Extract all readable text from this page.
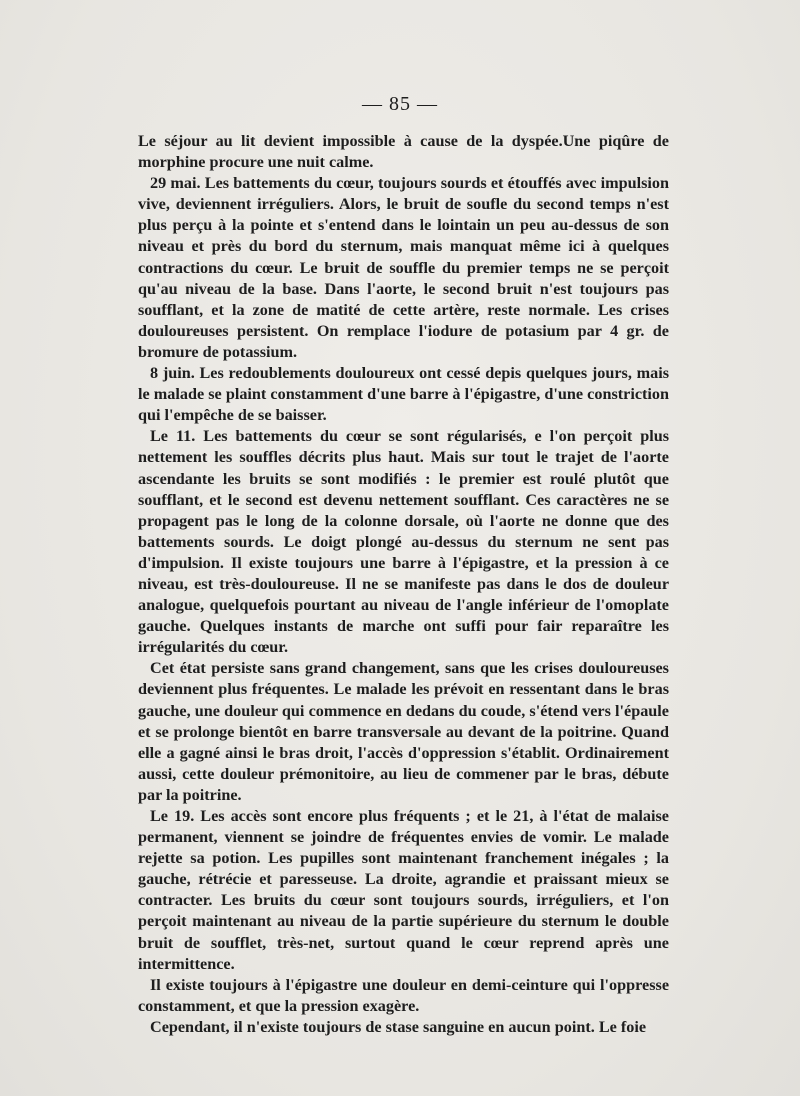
— 85 —

Le séjour au lit devient impossible à cause de la dyspée.Une piqûre de morphine procure une nuit calme.

29 mai. Les battements du cœur, toujours sourds et étouffés avec impulsion vive, deviennent irréguliers. Alors, le bruit de soufle du second temps n'est plus perçu à la pointe et s'entend dans le lointain un peu au-dessus de son niveau et près du bord du sternum, mais manquat même ici à quelques contractions du cœur. Le bruit de souffle du premier temps ne se perçoit qu'au niveau de la base. Dans l'aorte, le second bruit n'est toujours pas soufflant, et la zone de matité de cette artère, reste normale. Les crises douloureuses persistent. On remplace l'iodure de potasium par 4 gr. de bromure de potassium.

8 juin. Les redoublements douloureux ont cessé depis quelques jours, mais le malade se plaint constamment d'une barre à l'épigastre, d'une constriction qui l'empêche de se baisser.

Le 11. Les battements du cœur se sont régularisés, e l'on perçoit plus nettement les souffles décrits plus haut. Mais sur tout le trajet de l'aorte ascendante les bruits se sont modifiés : le premier est roulé plutôt que soufflant, et le second est devenu nettement soufflant. Ces caractères ne se propagent pas le long de la colonne dorsale, où l'aorte ne donne que des battements sourds. Le doigt plongé au-dessus du sternum ne sent pas d'impulsion. Il existe toujours une barre à l'épigastre, et la pression à ce niveau, est très-douloureuse. Il ne se manifeste pas dans le dos de douleur analogue, quelquefois pourtant au niveau de l'angle inférieur de l'omoplate gauche. Quelques instants de marche ont suffi pour fair reparaître les irrégularités du cœur.

Cet état persiste sans grand changement, sans que les crises douloureuses deviennent plus fréquentes. Le malade les prévoit en ressentant dans le bras gauche, une douleur qui commence en dedans du coude, s'étend vers l'épaule et se prolonge bientôt en barre transversale au devant de la poitrine. Quand elle a gagné ainsi le bras droit, l'accès d'oppression s'établit. Ordinairement aussi, cette douleur prémonitoire, au lieu de commener par le bras, débute par la poitrine.

Le 19. Les accès sont encore plus fréquents ; et le 21, à l'état de malaise permanent, viennent se joindre de fréquentes envies de vomir. Le malade rejette sa potion. Les pupilles sont maintenant franchement inégales ; la gauche, rétrécie et paresseuse. La droite, agrandie et praissant mieux se contracter. Les bruits du cœur sont toujours sourds, irréguliers, et l'on perçoit maintenant au niveau de la partie supérieure du sternum le double bruit de soufflet, très-net, surtout quand le cœur reprend après une intermittence.

Il existe toujours à l'épigastre une douleur en demi-ceinture qui l'oppresse constamment, et que la pression exagère.

Cependant, il n'existe toujours de stase sanguine en aucun point. Le foie
